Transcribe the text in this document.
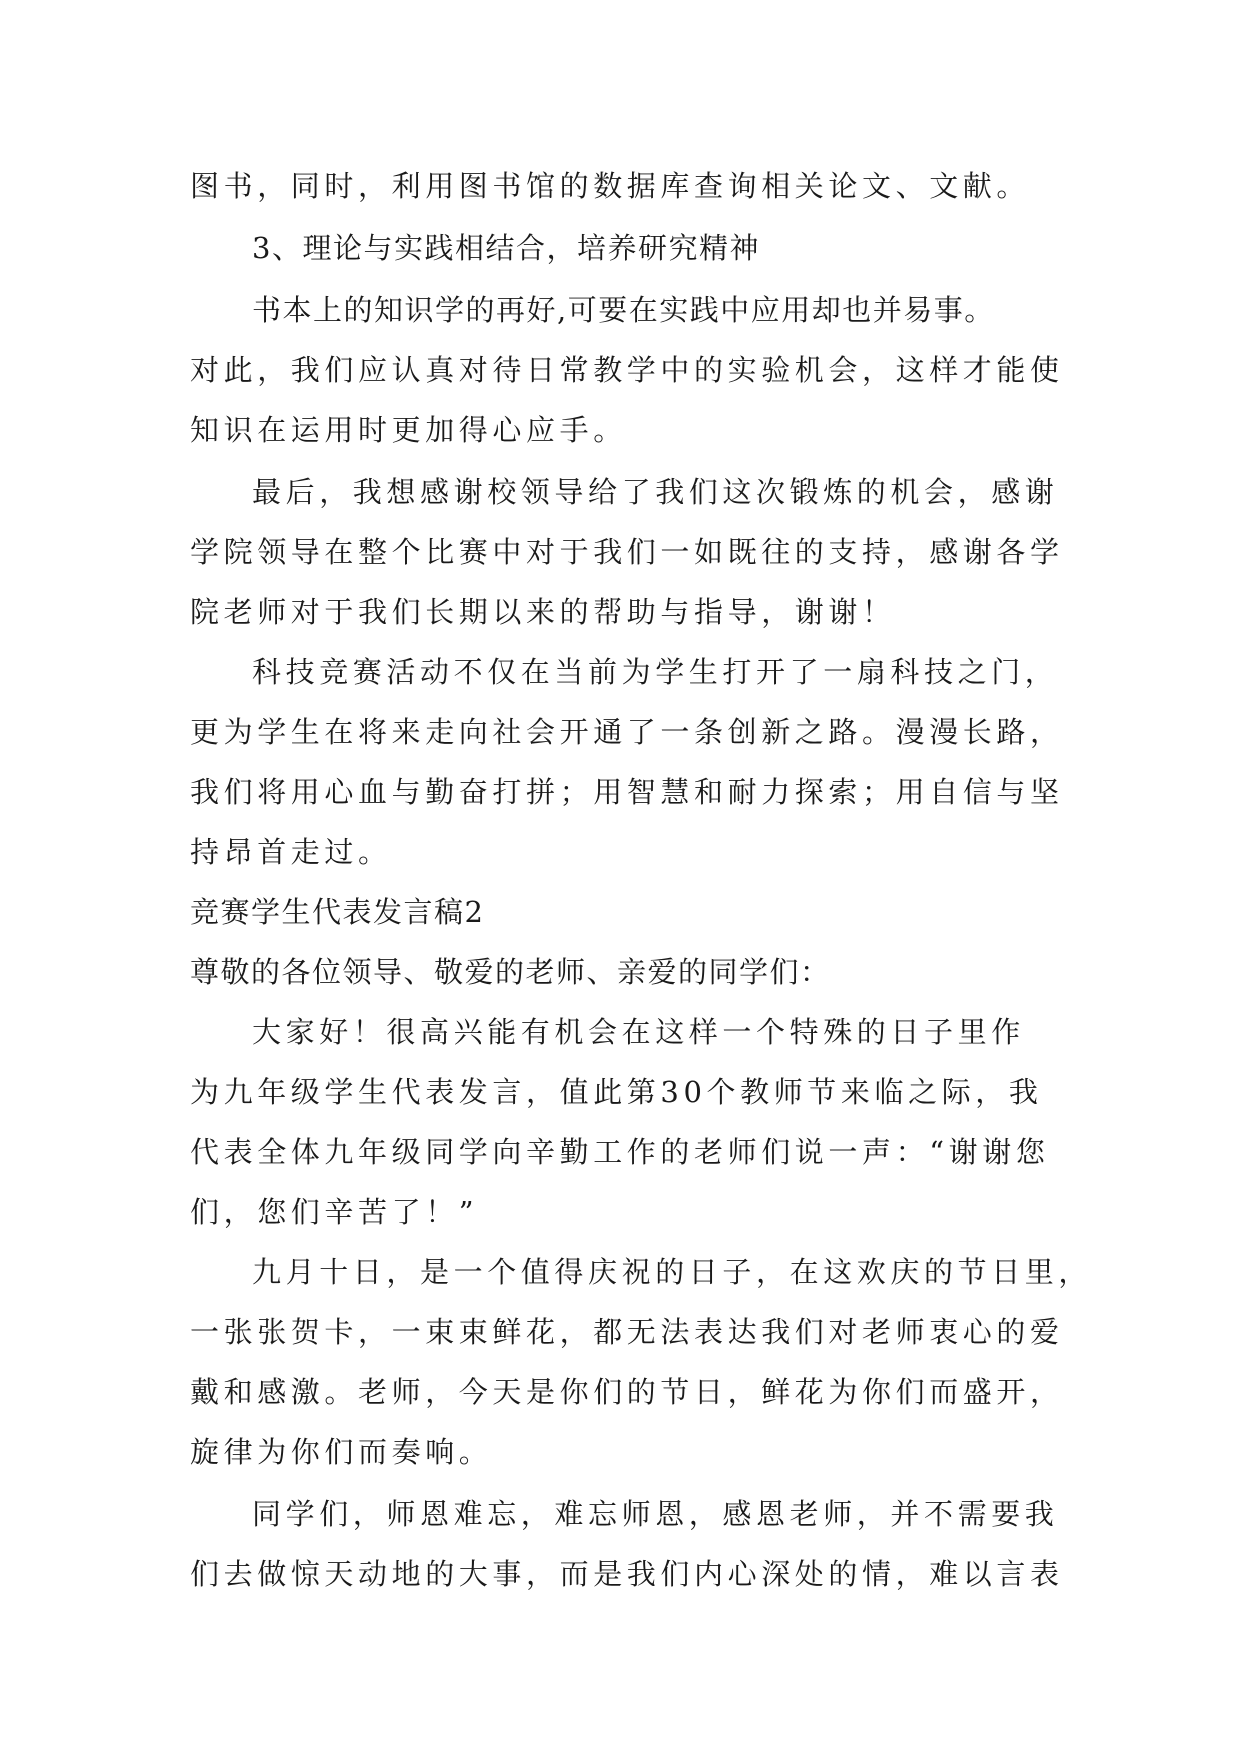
图书，同时，利用图书馆的数据库查询相关论文、文献。

3、理论与实践相结合，培养研究精神

书本上的知识学的再好,可要在实践中应用却也并易事。

对此，我们应认真对待日常教学中的实验机会，这样才能使

知识在运用时更加得心应手。

最后，我想感谢校领导给了我们这次锻炼的机会，感谢

学院领导在整个比赛中对于我们一如既往的支持，感谢各学

院老师对于我们长期以来的帮助与指导，谢谢！

科技竞赛活动不仅在当前为学生打开了一扇科技之门，

更为学生在将来走向社会开通了一条创新之路。漫漫长路，

我们将用心血与勤奋打拼；用智慧和耐力探索；用自信与坚

持昂首走过。

竞赛学生代表发言稿2

尊敬的各位领导、敬爱的老师、亲爱的同学们：

大家好！很高兴能有机会在这样一个特殊的日子里作

为九年级学生代表发言，值此第30个教师节来临之际，我

代表全体九年级同学向辛勤工作的老师们说一声：“谢谢您

们，您们辛苦了！”

九月十日，是一个值得庆祝的日子，在这欢庆的节日里，

一张张贺卡，一束束鲜花，都无法表达我们对老师衷心的爱

戴和感激。老师，今天是你们的节日，鲜花为你们而盛开，

旋律为你们而奏响。

同学们，师恩难忘，难忘师恩，感恩老师，并不需要我

们去做惊天动地的大事，而是我们内心深处的情，难以言表
